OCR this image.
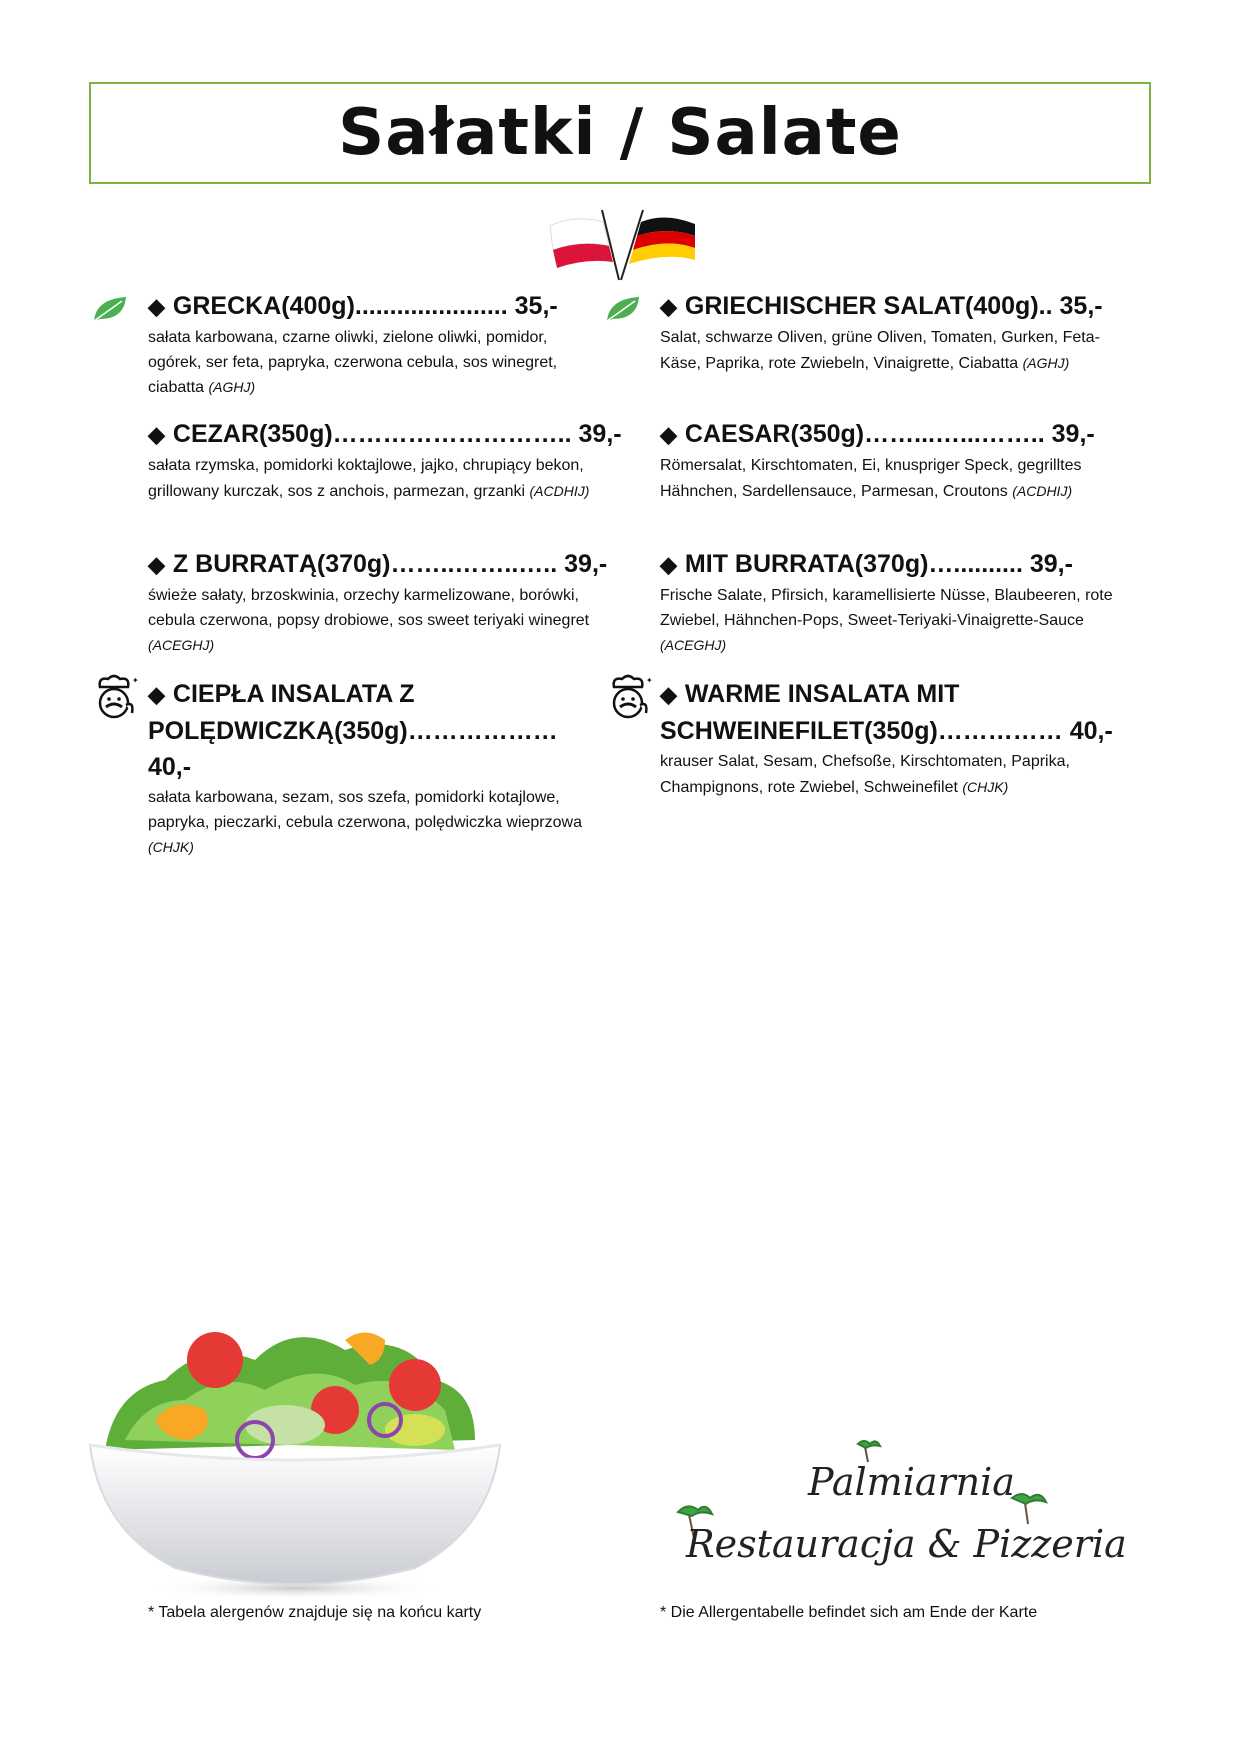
Sałatki / Salate
✦	✦
◆ GRECKA(400g)...................... 35,-
sałata karbowana, czarne oliwki, zielone oliwki, pomidor, ogórek, ser feta, papryka, czerwona cebula, sos winegret, ciabatta (AGHJ)
◆ CEZAR(350g)……………………….. 39,-
sałata rzymska, pomidorki koktajlowe, jajko, chrupiący bekon, grillowany kurczak, sos z anchois, parmezan, grzanki (ACDHIJ)
◆ Z BURRATĄ(370g)……..……..….. 39,-
świeże sałaty, brzoskwinia, orzechy karmelizowane, borówki, cebula czerwona, popsy drobiowe, sos sweet teriyaki winegret (ACEGHJ)
◆ CIEPŁA INSALATA Z POLĘDWICZKĄ(350g)……………… 40,-
sałata karbowana, sezam, sos szefa, pomidorki kotajlowe, papryka, pieczarki, cebula czerwona, polędwiczka wieprzowa (CHJK)
◆ GRIECHISCHER SALAT(400g).. 35,-
Salat, schwarze Oliven, grüne Oliven, Tomaten, Gurken, Feta-Käse, Paprika, rote Zwiebeln, Vinaigrette, Ciabatta (AGHJ)
◆ CAESAR(350g)……...…...…….. 39,-
Römersalat, Kirschtomaten, Ei, knuspriger Speck, gegrilltes Hähnchen, Sardellensauce, Parmesan, Croutons (ACDHIJ)
◆ MIT BURRATA(370g)….......... 39,-
Frische Salate, Pfirsich, karamellisierte Nüsse, Blaubeeren, rote Zwiebel, Hähnchen-Pops, Sweet-Teriyaki-Vinaigrette-Sauce (ACEGHJ)
◆ WARME INSALATA MIT SCHWEINEFILET(350g)…………… 40,-
krauser Salat, Sesam, Chefsoße, Kirschtomaten, Paprika, Champignons, rote Zwiebel, Schweinefilet (CHJK)
Palmiarnia
Restauracja & Pizzeria
* Tabela alergenów znajduje się na końcu karty	* Die Allergentabelle befindet sich am Ende der Karte
